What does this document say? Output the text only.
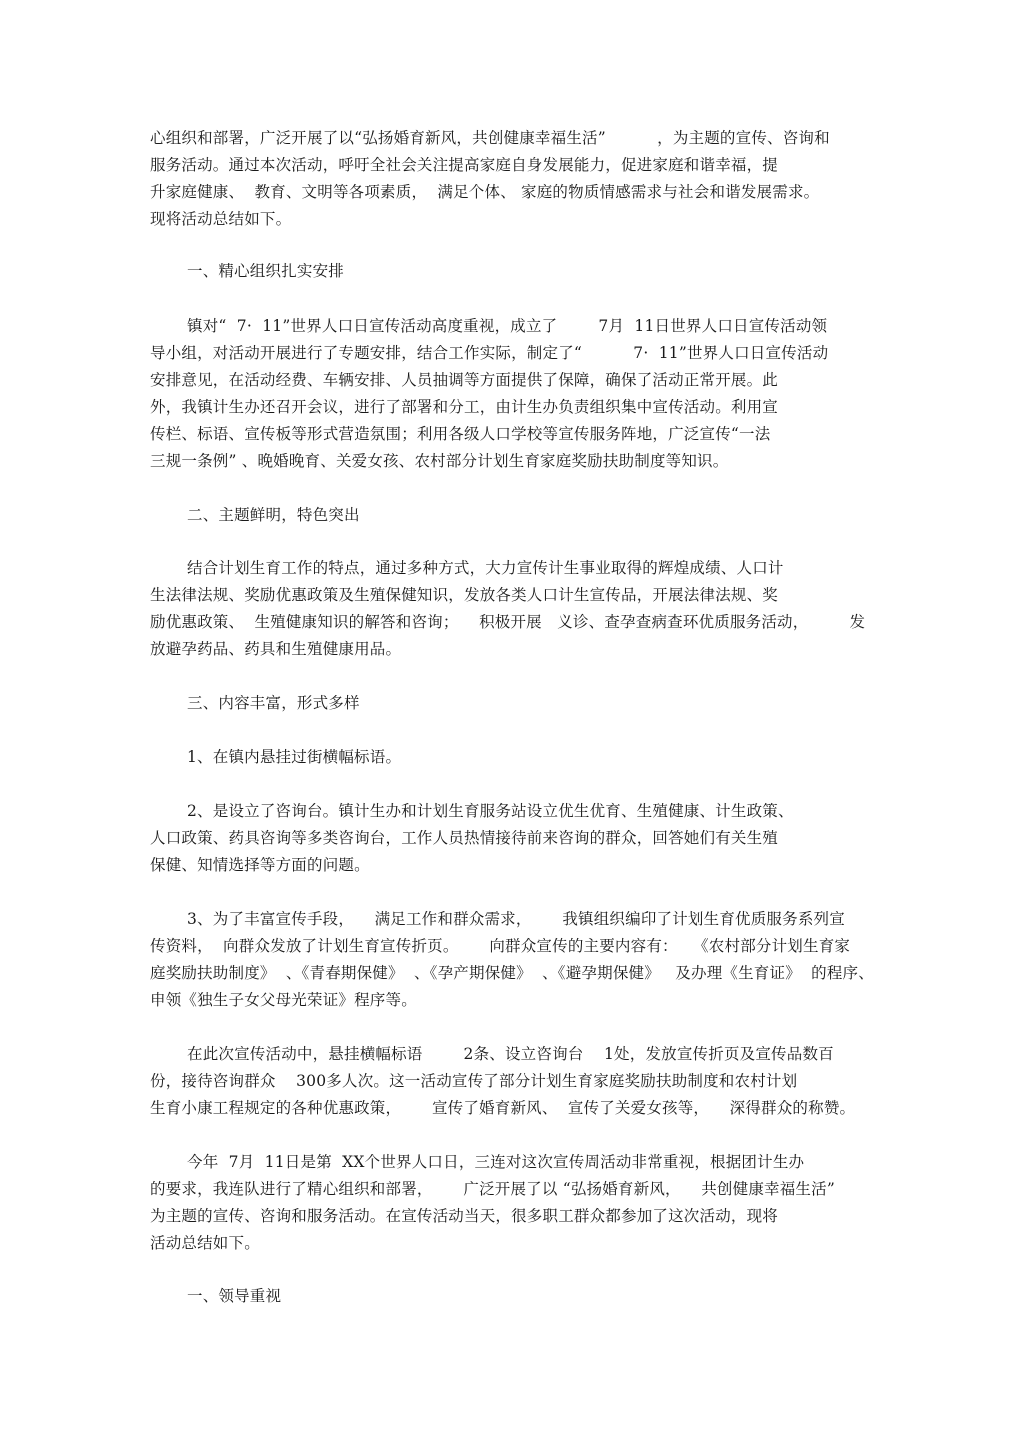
心组织和部署，广泛开展了以“弘扬婚育新风，共创健康幸福生活”          ，为主题的宣传、咨询和
服务活动。通过本次活动，呼吁全社会关注提高家庭自身发展能力，促进家庭和谐幸福，提
升家庭健康、  教育、文明等各项素质，  满足个体、 家庭的物质情感需求与社会和谐发展需求。
现将活动总结如下。
一、精心组织扎实安排
镇对“  7·  11”世界人口日宣传活动高度重视，成立了        7月  11日世界人口日宣传活动领
导小组，对活动开展进行了专题安排，结合工作实际，制定了“          7·  11”世界人口日宣传活动
安排意见，在活动经费、车辆安排、人员抽调等方面提供了保障，确保了活动正常开展。此
外，我镇计生办还召开会议，进行了部署和分工，由计生办负责组织集中宣传活动。利用宣
传栏、标语、宣传板等形式营造氛围；利用各级人口学校等宣传服务阵地，广泛宣传“一法
三规一条例” 、晚婚晚育、关爱女孩、农村部分计划生育家庭奖励扶助制度等知识。
二、主题鲜明，特色突出
结合计划生育工作的特点，通过多种方式，大力宣传计生事业取得的辉煌成绩、人口计
生法律法规、奖励优惠政策及生殖保健知识，发放各类人口计生宣传品，开展法律法规、奖
励优惠政策、  生殖健康知识的解答和咨询；    积极开展   义诊、查孕查病查环优质服务活动，        发
放避孕药品、药具和生殖健康用品。
三、内容丰富，形式多样
1、在镇内悬挂过街横幅标语。
2、是设立了咨询台。镇计生办和计划生育服务站设立优生优育、生殖健康、计生政策、
人口政策、药具咨询等多类咨询台，工作人员热情接待前来咨询的群众，回答她们有关生殖
保健、知情选择等方面的问题。
3、为了丰富宣传手段，    满足工作和群众需求，      我镇组织编印了计划生育优质服务系列宣
传资料，  向群众发放了计划生育宣传折页。      向群众宣传的主要内容有：   《农村部分计划生育家
庭奖励扶助制度》  、《青春期保健》  、《孕产期保健》  、《避孕期保健》   及办理《生育证》  的程序、
申领《独生子女父母光荣证》程序等。
在此次宣传活动中，悬挂横幅标语        2条、设立咨询台    1处，发放宣传折页及宣传品数百
份，接待咨询群众    300多人次。这一活动宣传了部分计划生育家庭奖励扶助制度和农村计划
生育小康工程规定的各种优惠政策，      宣传了婚育新风、  宣传了关爱女孩等，    深得群众的称赞。
今年  7月  11日是第  XX个世界人口日，三连对这次宣传周活动非常重视，根据团计生办
的要求，我连队进行了精心组织和部署，      广泛开展了以 “弘扬婚育新风，    共创健康幸福生活”
为主题的宣传、咨询和服务活动。在宣传活动当天，很多职工群众都参加了这次活动，现将
活动总结如下。
一、领导重视
